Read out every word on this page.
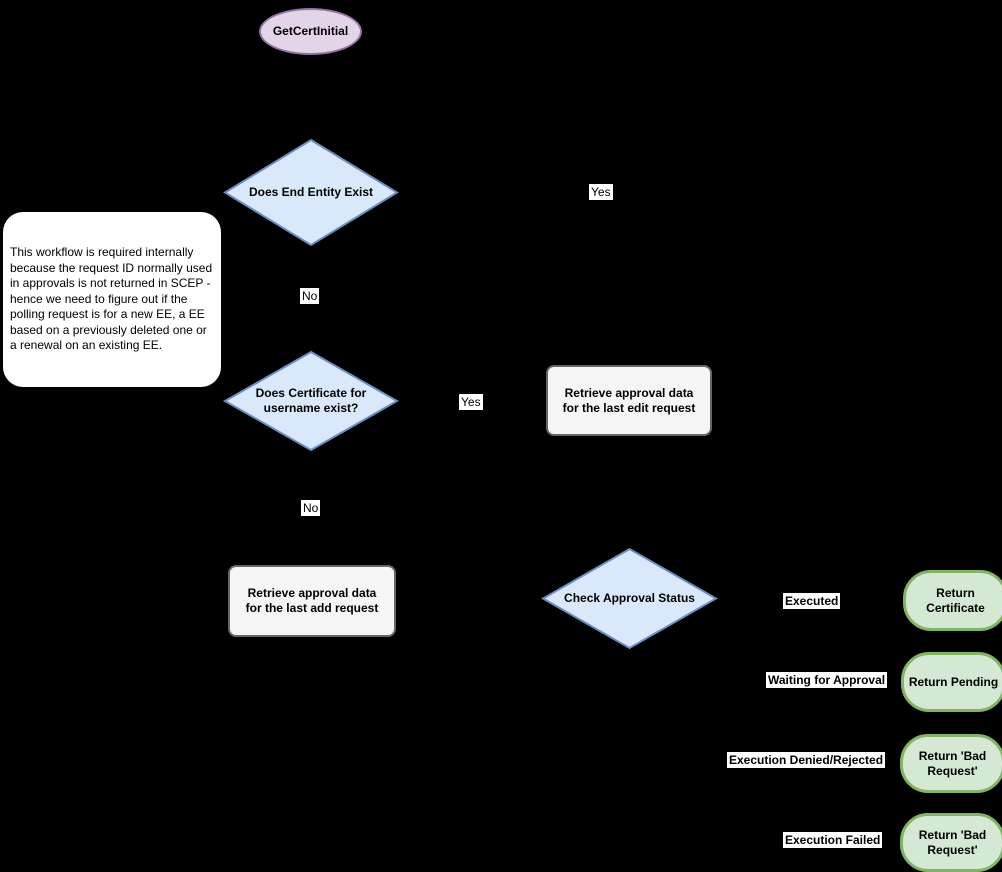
GetCertInitial
Does End Entity Exist
This workflow is required internally because the request ID normally used in approvals is not returned in SCEP - hence we need to figure out if the polling request is for a new EE, a EE based on a previously deleted one or a renewal on an existing EE.
Does Certificate for username exist?
Retrieve approval data for the last edit request
Retrieve approval data for the last add request
Check Approval Status	Return Certificate
Return Pending
Return 'Bad Request'
Return 'Bad Request'
Yes
No
Yes
No
Executed
Waiting for Approval
Execution Denied/Rejected
Execution Failed
